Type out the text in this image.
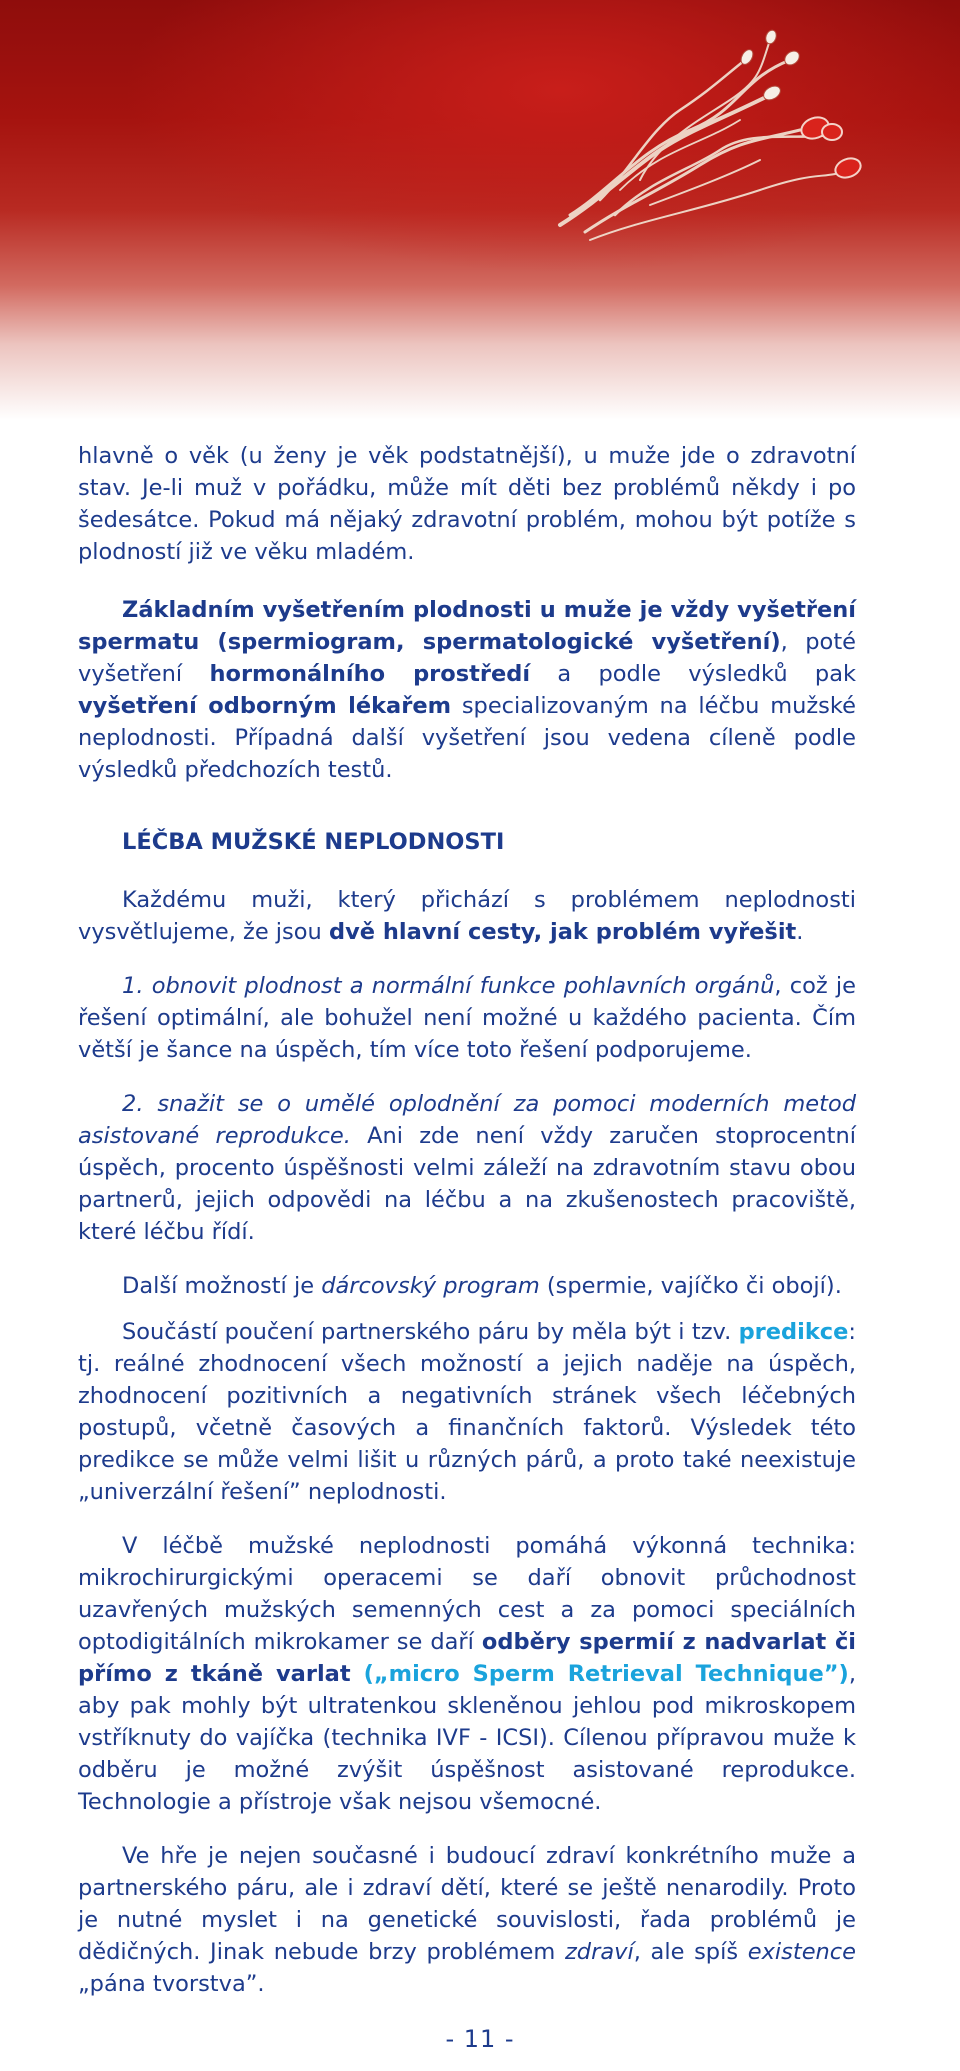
hlavně o věk (u ženy je věk podstatnější), u muže jde o zdravotní stav. Je-li muž v pořádku, může mít děti bez problémů někdy i po šedesátce. Pokud má nějaký zdravotní problém, mohou být potíže s plodností již ve věku mladém.

Základním vyšetřením plodnosti u muže je vždy vyšetření spermatu (spermiogram, spermatologické vyšetření), poté vyšetření hormonálního prostředí a podle výsledků pak vyšetření odborným lékařem specializovaným na léčbu mužské neplodnosti. Případná další vyšetření jsou vedena cíleně podle výsledků předchozích testů.

LÉČBA MUŽSKÉ NEPLODNOSTI

Každému muži, který přichází s problémem neplodnosti vysvětlujeme, že jsou dvě hlavní cesty, jak problém vyřešit.

1. obnovit plodnost a normální funkce pohlavních orgánů, což je řešení optimální, ale bohužel není možné u každého pacienta. Čím větší je šance na úspěch, tím více toto řešení podporujeme.

2. snažit se o umělé oplodnění za pomoci moderních metod asistované reprodukce. Ani zde není vždy zaručen stoprocentní úspěch, procento úspěšnosti velmi záleží na zdravotním stavu obou partnerů, jejich odpovědi na léčbu a na zkušenostech pracoviště, které léčbu řídí.

Další možností je dárcovský program (spermie, vajíčko či obojí).

Součástí poučení partnerského páru by měla být i tzv. predikce: tj. reálné zhodnocení všech možností a jejich naděje na úspěch, zhodnocení pozitivních a negativních stránek všech léčebných postupů, včetně časových a finančních faktorů. Výsledek této predikce se může velmi lišit u různých párů, a proto také neexistuje „univerzální řešení” neplodnosti.

V léčbě mužské neplodnosti pomáhá výkonná technika: mikrochirurgickými operacemi se daří obnovit průchodnost uzavřených mužských semenných cest a za pomoci speciálních optodigitálních mikrokamer se daří odběry spermií z nadvarlat či přímo z tkáně varlat („micro Sperm Retrieval Technique”), aby pak mohly být ultratenkou skleněnou jehlou pod mikroskopem vstříknuty do vajíčka (technika IVF - ICSI). Cílenou přípravou muže k odběru je možné zvýšit úspěšnost asistované reprodukce. Technologie a přístroje však nejsou všemocné.

Ve hře je nejen současné i budoucí zdraví konkrétního muže a partnerského páru, ale i zdraví dětí, které se ještě nenarodily. Proto je nutné myslet i na genetické souvislosti, řada problémů je dědičných. Jinak nebude brzy problémem zdraví, ale spíš existence „pána tvorstva”.

- 11 -
